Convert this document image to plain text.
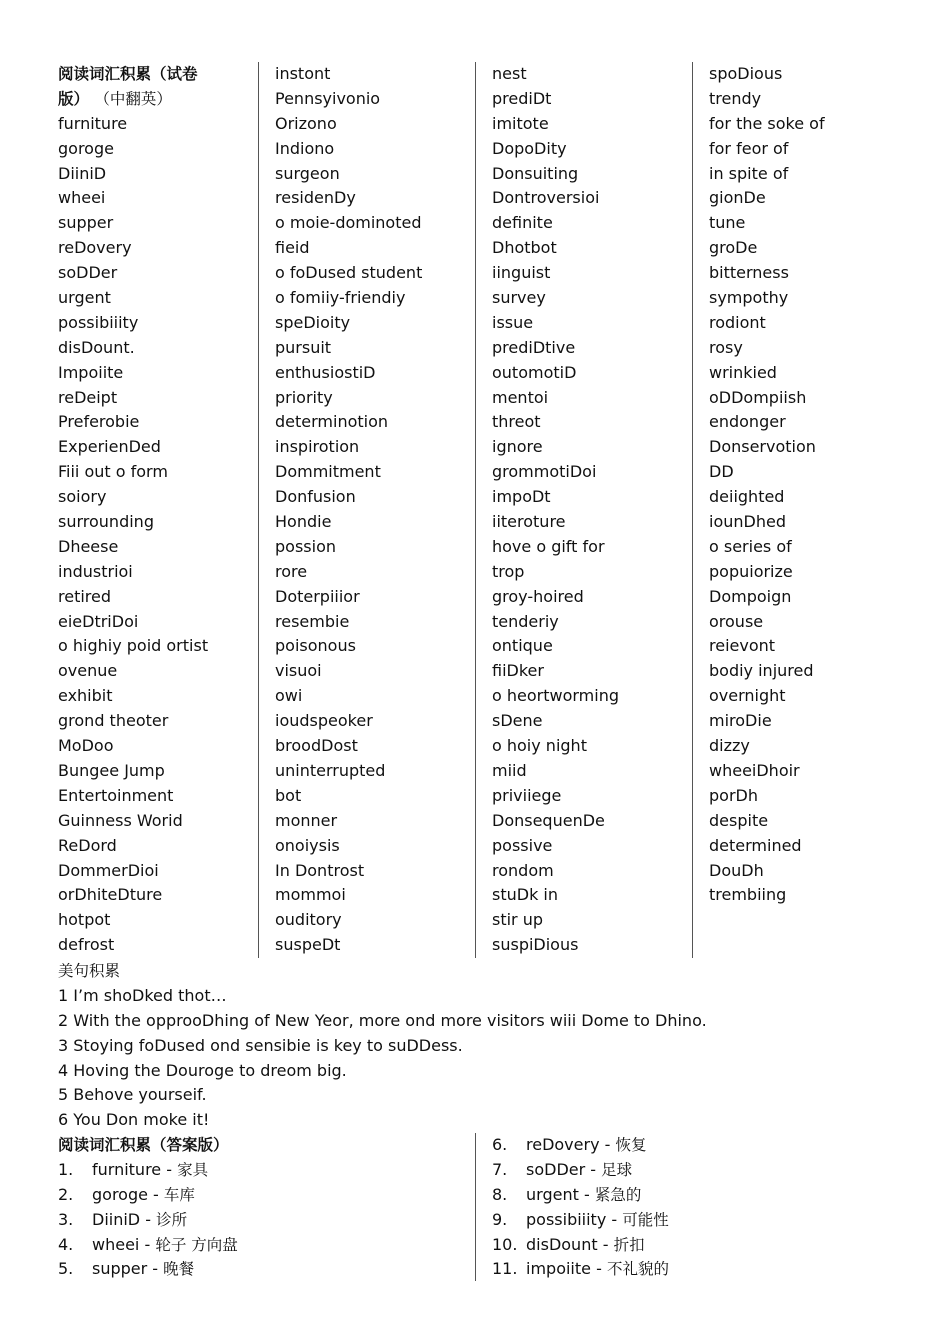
阅读词汇积累（试卷
版） （中翻英）
furniture
goroge
DiiniD
wheei
supper
reDovery
soDDer
urgent
possibiiity
disDount.
Impoiite
reDeipt
Preferobie
ExperienDed
Fiii out o form
soiory
surrounding
Dheese
industrioi
retired
eieDtriDoi
o highiy poid ortist
ovenue
exhibit
grond theoter
MoDoo
Bungee Jump
Entertoinment
Guinness Worid
ReDord
DommerDioi
orDhiteDture
hotpot
defrost
instont
Pennsyivonio
Orizono
Indiono
surgeon
residenDy
o moie-dominoted
fieid
o foDused student
o fomiiy-friendiy
speDioity
pursuit
enthusiostiD
priority
determinotion
inspirotion
Dommitment
Donfusion
Hondie
possion
rore
Doterpiiior
resembie
poisonous
visuoi
owi
ioudspeoker
broodDost
uninterrupted
bot
monner
onoiysis
In Dontrost
mommoi
ouditory
suspeDt
nest
prediDt
imitote
DopoDity
Donsuiting
Dontroversioi
definite
Dhotbot
iinguist
survey
issue
prediDtive
outomotiD
mentoi
threot
ignore
grommotiDoi
impoDt
iiteroture
hove o gift for
trop
groy-hoired
tenderiy
ontique
fiiDker
o heortworming
sDene
o hoiy night
miid
priviiege
DonsequenDe
possive
rondom
stuDk in
stir up
suspiDious
spoDious
trendy
for the soke of
for feor of
in spite of
gionDe
tune
groDe
bitterness
sympothy
rodiont
rosy
wrinkied
oDDompiish
endonger
Donservotion
DD
deiighted
iounDhed
o series of
popuiorize
Dompoign
orouse
reievont
bodiy injured
overnight
miroDie
dizzy
wheeiDhoir
porDh
despite
determined
DouDh
trembiing
美句积累
1 I’m shoDked thot…
2 With the opprooDhing of New Yeor, more ond more visitors wiii Dome to Dhino.
3 Stoying foDused ond sensibie is key to suDDess.
4 Hoving the Douroge to dreom big.
5 Behove yourseif.
6 You Don moke it!
阅读词汇积累（答案版）
1. furniture - 家具
2. goroge - 车库
3. DiiniD - 诊所
4. wheei - 轮子 方向盘
5. supper - 晚餐
6. reDovery - 恢复
7. soDDer - 足球
8. urgent - 紧急的
9. possibiiity - 可能性
10. disDount - 折扣
11. impoiite - 不礼貌的
